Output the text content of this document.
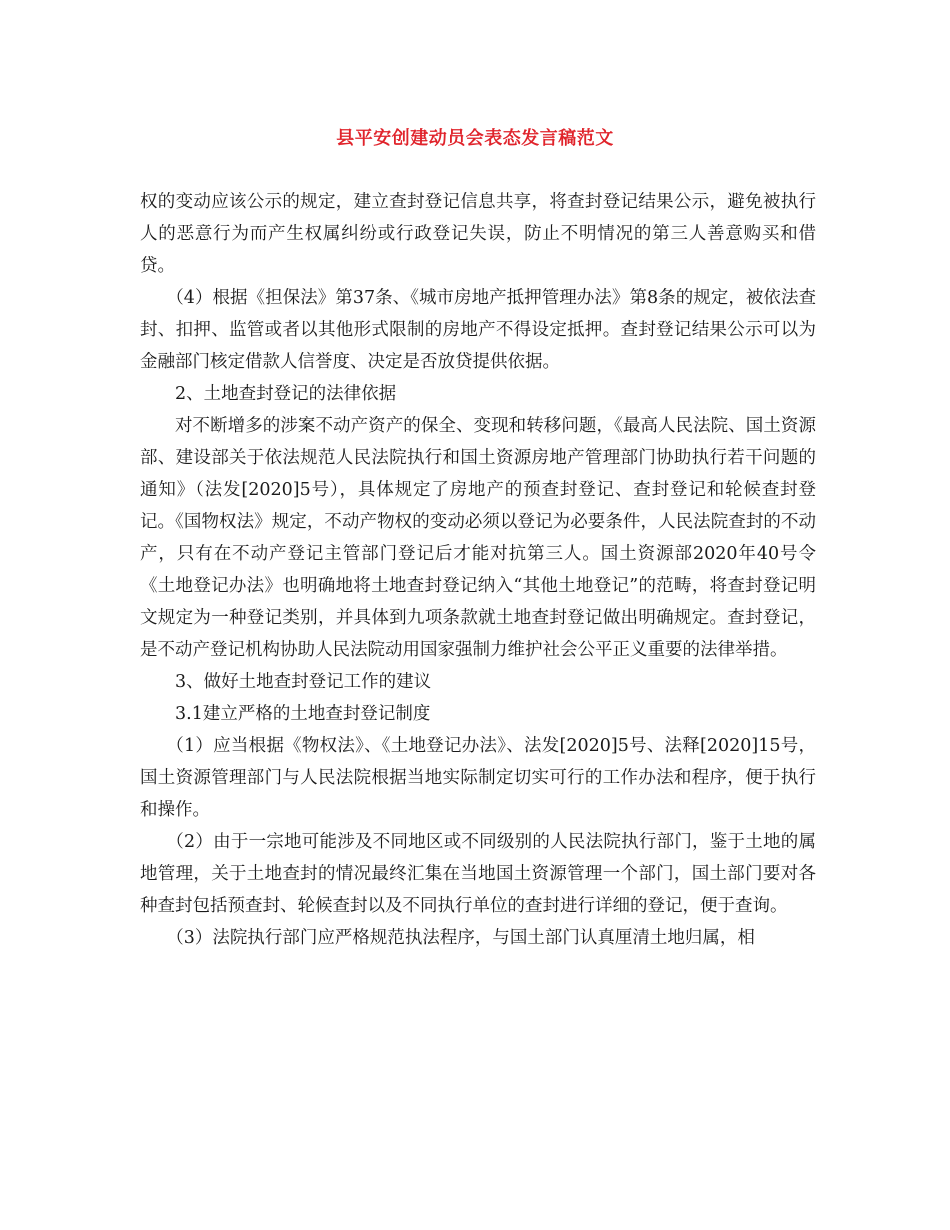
县平安创建动员会表态发言稿范文

权的变动应该公示的规定，建立查封登记信息共享，将查封登记结果公示，避免被执行人的恶意行为而产生权属纠纷或行政登记失误，防止不明情况的第三人善意购买和借贷。

（4）根据《担保法》第37条、《城市房地产抵押管理办法》第8条的规定，被依法查封、扣押、监管或者以其他形式限制的房地产不得设定抵押。查封登记结果公示可以为金融部门核定借款人信誉度、决定是否放贷提供依据。

2、土地查封登记的法律依据

对不断增多的涉案不动产资产的保全、变现和转移问题，《最高人民法院、国土资源部、建设部关于依法规范人民法院执行和国土资源房地产管理部门协助执行若干问题的通知》（法发[2020]5号），具体规定了房地产的预查封登记、查封登记和轮候查封登记。《国物权法》规定，不动产物权的变动必须以登记为必要条件，人民法院查封的不动产，只有在不动产登记主管部门登记后才能对抗第三人。国土资源部2020年40号令《土地登记办法》也明确地将土地查封登记纳入“其他土地登记”的范畴，将查封登记明文规定为一种登记类别，并具体到九项条款就土地查封登记做出明确规定。查封登记，是不动产登记机构协助人民法院动用国家强制力维护社会公平正义重要的法律举措。

3、做好土地查封登记工作的建议

3.1建立严格的土地查封登记制度

（1）应当根据《物权法》、《土地登记办法》、法发[2020]5号、法释[2020]15号，国土资源管理部门与人民法院根据当地实际制定切实可行的工作办法和程序，便于执行和操作。

（2）由于一宗地可能涉及不同地区或不同级别的人民法院执行部门，鉴于土地的属地管理，关于土地查封的情况最终汇集在当地国土资源管理一个部门，国土部门要对各种查封包括预查封、轮候查封以及不同执行单位的查封进行详细的登记，便于查询。

（3）法院执行部门应严格规范执法程序，与国土部门认真厘清土地归属，相
